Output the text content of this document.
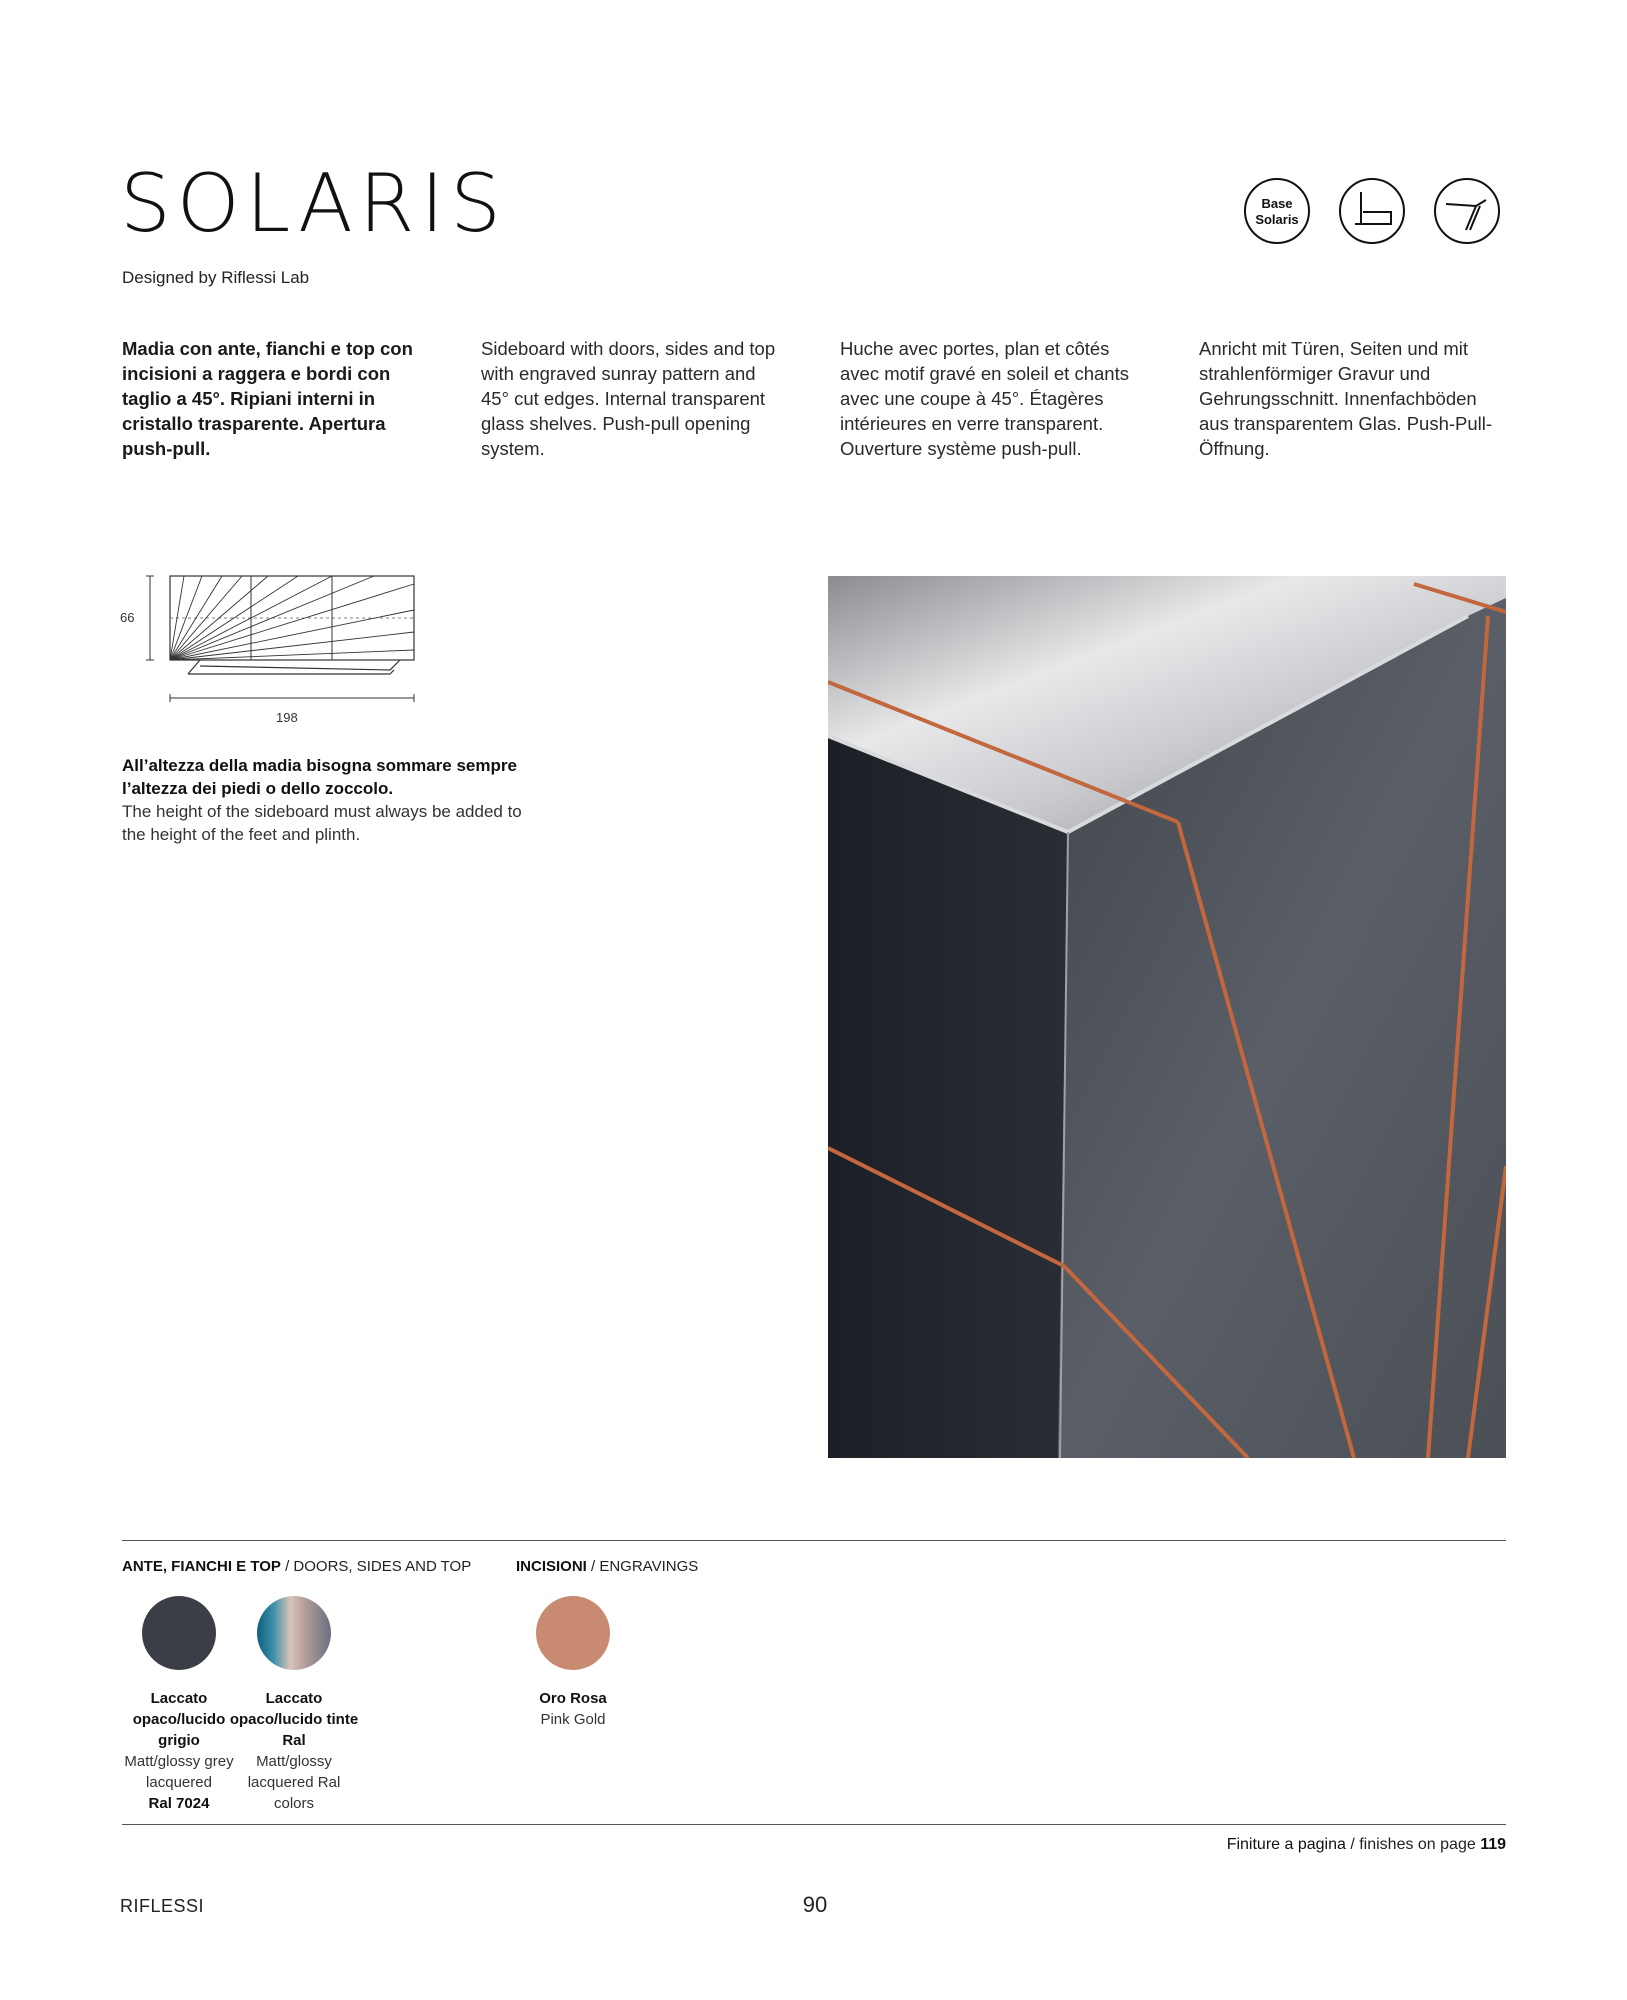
SOLARIS
Designed by Riflessi Lab
Base
Solaris
Madia con ante, fianchi e top con incisioni a raggera e bordi con taglio a 45°. Ripiani interni in cristallo trasparente. Apertura push-pull.
Sideboard with doors, sides and top with engraved sunray pattern and 45° cut edges. Internal transparent glass shelves. Push-pull opening system.
Huche avec portes, plan et côtés avec motif gravé en soleil et chants avec une coupe à 45°. Étagères intérieures en verre transparent. Ouverture système push-pull.
Anricht mit Türen, Seiten und mit strahlenförmiger Gravur und Gehrungsschnitt. Innenfachböden aus transparentem Glas. Push-Pull-Öffnung.
66
198
All’altezza della madia bisogna sommare sempre l’altezza dei piedi o dello zoccolo.
The height of the sideboard must always be added to the height of the feet and plinth.
ANTE, FIANCHI E TOP / DOORS, SIDES AND TOP	INCISIONI / ENGRAVINGS
Laccato opaco/lucido grigio
Matt/glossy grey lacquered
Ral 7024
Laccato opaco/lucido tinte Ral
Matt/glossy lacquered Ral colors
Oro Rosa
Pink Gold
Finiture a pagina / finishes on page 119
RIFLESSI	90
